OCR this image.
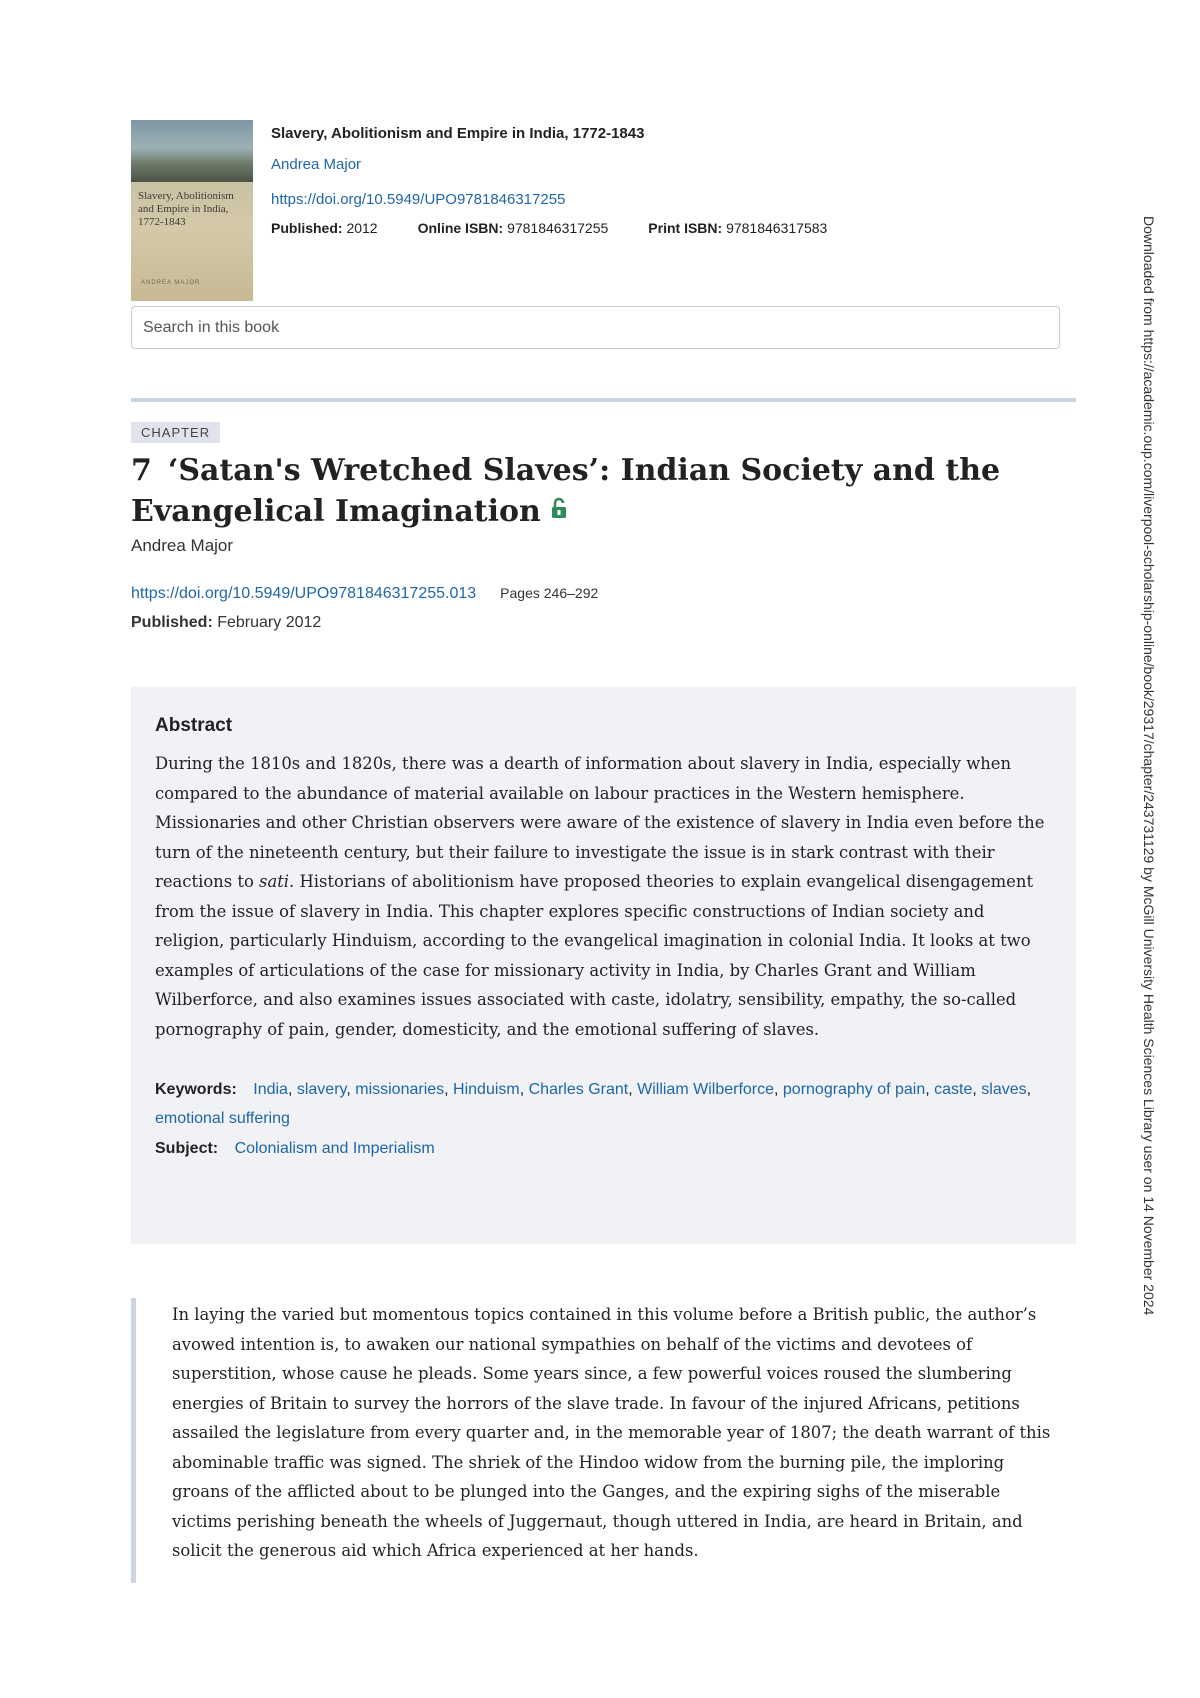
Slavery, Abolitionism
and Empire in India,
1772-1843
ANDREA MAJOR
Slavery, Abolitionism and Empire in India, 1772-1843
Andrea Major
https://doi.org/10.5949/UPO9781846317255
Published: 2012	Online ISBN: 9781846317255	Print ISBN: 9781846317583
Search in this book
CHAPTER
7 ‘Satan's Wretched Slaves’: Indian Society and the Evangelical Imagination
Andrea Major
https://doi.org/10.5949/UPO9781846317255.013 Pages 246–292
Published: February 2012
Abstract
During the 1810s and 1820s, there was a dearth of information about slavery in India, especially when compared to the abundance of material available on labour practices in the Western hemisphere. Missionaries and other Christian observers were aware of the existence of slavery in India even before the turn of the nineteenth century, but their failure to investigate the issue is in stark contrast with their reactions to sati. Historians of abolitionism have proposed theories to explain evangelical disengagement from the issue of slavery in India. This chapter explores specific constructions of Indian society and religion, particularly Hinduism, according to the evangelical imagination in colonial India. It looks at two examples of articulations of the case for missionary activity in India, by Charles Grant and William Wilberforce, and also examines issues associated with caste, idolatry, sensibility, empathy, the so-called pornography of pain, gender, domesticity, and the emotional suffering of slaves.
Keywords: India, slavery, missionaries, Hinduism, Charles Grant, William Wilberforce, pornography of pain, caste, slaves, emotional suffering
Subject: Colonialism and Imperialism
In laying the varied but momentous topics contained in this volume before a British public, the author’s avowed intention is, to awaken our national sympathies on behalf of the victims and devotees of superstition, whose cause he pleads. Some years since, a few powerful voices roused the slumbering energies of Britain to survey the horrors of the slave trade. In favour of the injured Africans, petitions assailed the legislature from every quarter and, in the memorable year of 1807; the death warrant of this abominable traffic was signed. The shriek of the Hindoo widow from the burning pile, the imploring groans of the afflicted about to be plunged into the Ganges, and the expiring sighs of the miserable victims perishing beneath the wheels of Juggernaut, though uttered in India, are heard in Britain, and solicit the generous aid which Africa experienced at her hands.
Downloaded from https://academic.oup.com/liverpool-scholarship-online/book/29317/chapter/243731129 by McGill University Health Sciences Library user on 14 November 2024
